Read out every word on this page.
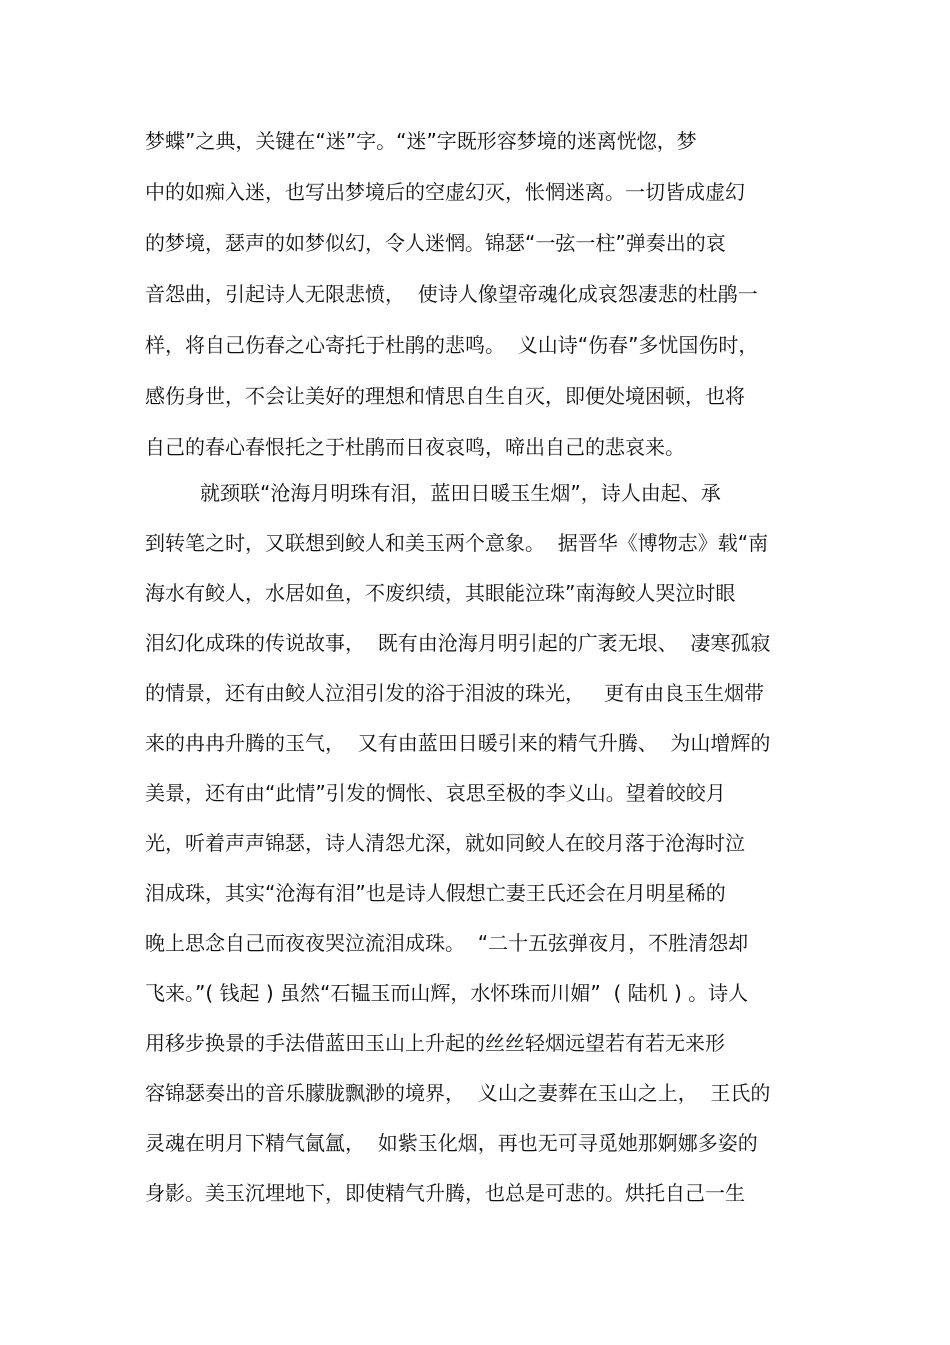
梦蝶”之典，关键在“迷”字。“迷”字既形容梦境的迷离恍惚，梦
中的如痴入迷，也写出梦境后的空虚幻灭，怅惘迷离。一切皆成虚幻
的梦境，瑟声的如梦似幻，令人迷惘。锦瑟“一弦一柱”弹奏出的哀
音怨曲，引起诗人无限悲愤，  使诗人像望帝魂化成哀怨凄悲的杜鹃一
样，将自己伤春之心寄托于杜鹃的悲鸣。  义山诗“伤春”多忧国伤时，
感伤身世，不会让美好的理想和情思自生自灭，即便处境困顿，也将
自己的春心春恨托之于杜鹃而日夜哀鸣，啼出自己的悲哀来。
就颈联“沧海月明珠有泪，蓝田日暖玉生烟”，诗人由起、承
到转笔之时，又联想到鲛人和美玉两个意象。  据晋华《博物志》载“南
海水有鲛人，水居如鱼，不废织绩，其眼能泣珠”南海鲛人哭泣时眼
泪幻化成珠的传说故事，  既有由沧海月明引起的广袤无垠、  凄寒孤寂
的情景，还有由鲛人泣泪引发的浴于泪波的珠光，   更有由良玉生烟带
来的冉冉升腾的玉气，  又有由蓝田日暖引来的精气升腾、  为山增辉的
美景，还有由“此情”引发的惆怅、哀思至极的李义山。望着皎皎月
光，听着声声锦瑟，诗人清怨尤深，就如同鲛人在皎月落于沧海时泣
泪成珠，其实“沧海有泪”也是诗人假想亡妻王氏还会在月明星稀的
晚上思念自己而夜夜哭泣流泪成珠。  “二十五弦弹夜月，不胜清怨却
飞来。”( 钱起 ) 虽然“石韫玉而山辉，水怀珠而川媚”  ( 陆机 ) 。诗人
用移步换景的手法借蓝田玉山上升起的丝丝轻烟远望若有若无来形
容锦瑟奏出的音乐朦胧飘渺的境界，  义山之妻葬在玉山之上，  王氏的
灵魂在明月下精气氤氲，  如紫玉化烟，再也无可寻觅她那婀娜多姿的
身影。美玉沉埋地下，即使精气升腾，也总是可悲的。烘托自己一生
